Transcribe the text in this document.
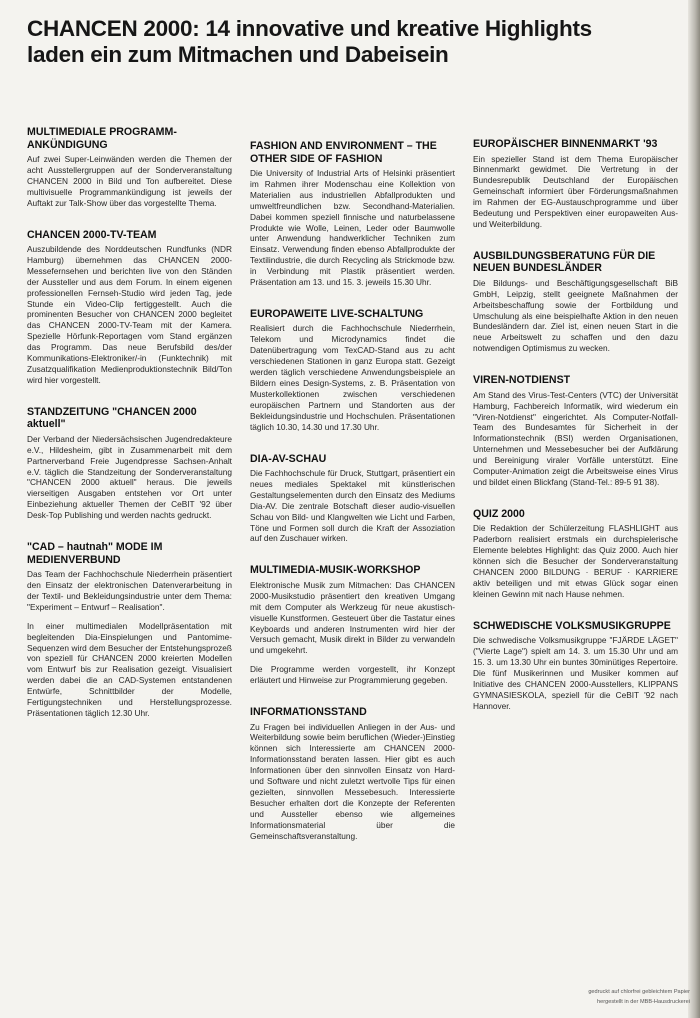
CHANCEN 2000: 14 innovative und kreative Highlights
laden ein zum Mitmachen und Dabeisein
MULTIMEDIALE PROGRAMM-ANKÜNDIGUNG

Auf zwei Super-Leinwänden werden die Themen der acht Ausstellergruppen auf der Sonderveranstaltung CHANCEN 2000 in Bild und Ton aufbereitet. Diese multivisuelle Programmankündigung ist jeweils der Auftakt zur Talk-Show über das vorgestellte Thema.

CHANCEN 2000-TV-TEAM

Auszubildende des Norddeutschen Rundfunks (NDR Hamburg) übernehmen das CHANCEN 2000-Messefernsehen und berichten live von den Ständen der Aussteller und aus dem Forum. In einem eigenen professionellen Fernseh-Studio wird jeden Tag, jede Stunde ein Video-Clip fertiggestellt. Auch die prominenten Besucher von CHANCEN 2000 begleitet das CHANCEN 2000-TV-Team mit der Kamera. Spezielle Hörfunk-Reportagen vom Stand ergänzen das Programm. Das neue Berufsbild des/der Kommunikations-Elektroniker/-in (Funktechnik) mit Zusatzqualifikation Medienproduktionstechnik Bild/Ton wird hier vorgestellt.

STANDZEITUNG "CHANCEN 2000 aktuell"

Der Verband der Niedersächsischen Jugendredakteure e.V., Hildesheim, gibt in Zusammenarbeit mit dem Partnerverband Freie Jugendpresse Sachsen-Anhalt e.V. täglich die Standzeitung der Sonderveranstaltung "CHANCEN 2000 aktuell" heraus. Die jeweils vierseitigen Ausgaben entstehen vor Ort unter Einbeziehung aktueller Themen der CeBIT '92 über Desk-Top Publishing und werden nachts gedruckt.

"CAD – hautnah" MODE IM MEDIENVERBUND

Das Team der Fachhochschule Niederrhein präsentiert den Einsatz der elektronischen Datenverarbeitung in der Textil- und Bekleidungsindustrie unter dem Thema: "Experiment – Entwurf – Realisation".

In einer multimedialen Modellpräsentation mit begleitenden Dia-Einspielungen und Pantomime-Sequenzen wird dem Besucher der Entstehungsprozeß von speziell für CHANCEN 2000 kreierten Modellen vom Entwurf bis zur Realisation gezeigt. Visualisiert werden dabei die an CAD-Systemen entstandenen Entwürfe, Schnittbilder der Modelle, Fertigungstechniken und Herstellungsprozesse. Präsentationen täglich 12.30 Uhr.

FASHION AND ENVIRONMENT – THE OTHER SIDE OF FASHION

Die University of Industrial Arts of Helsinki präsentiert im Rahmen ihrer Modenschau eine Kollektion von Materialien aus industriellen Abfallprodukten und umweltfreundlichen bzw. Secondhand-Materialien. Dabei kommen speziell finnische und naturbelassene Produkte wie Wolle, Leinen, Leder oder Baumwolle unter Anwendung handwerklicher Techniken zum Einsatz. Verwendung finden ebenso Abfallprodukte der Textilindustrie, die durch Recycling als Strickmode bzw. in Verbindung mit Plastik präsentiert werden. Präsentation am 13. und 15. 3. jeweils 15.30 Uhr.

EUROPAWEITE LIVE-SCHALTUNG

Realisiert durch die Fachhochschule Niederrhein, Telekom und Microdynamics findet die Datenübertragung vom TexCAD-Stand aus zu acht verschiedenen Stationen in ganz Europa statt. Gezeigt werden täglich verschiedene Anwendungsbeispiele an Bildern eines Design-Systems, z. B. Präsentation von Musterkollektionen zwischen verschiedenen europäischen Partnern und Standorten aus der Bekleidungsindustrie und Hochschulen. Präsentationen täglich 10.30, 14.30 und 17.30 Uhr.

DIA-AV-SCHAU

Die Fachhochschule für Druck, Stuttgart, präsentiert ein neues mediales Spektakel mit künstlerischen Gestaltungselementen durch den Einsatz des Mediums Dia-AV. Die zentrale Botschaft dieser audio-visuellen Schau von Bild- und Klangwelten wie Licht und Farben, Töne und Formen soll durch die Kraft der Assoziation auf den Zuschauer wirken.

MULTIMEDIA-MUSIK-WORKSHOP

Elektronische Musik zum Mitmachen: Das CHANCEN 2000-Musikstudio präsentiert den kreativen Umgang mit dem Computer als Werkzeug für neue akustisch-visuelle Kunstformen. Gesteuert über die Tastatur eines Keyboards und anderen Instrumenten wird hier der Versuch gemacht, Musik direkt in Bilder zu verwandeln und umgekehrt.

Die Programme werden vorgestellt, ihr Konzept erläutert und Hinweise zur Programmierung gegeben.

INFORMATIONSSTAND

Zu Fragen bei individuellen Anliegen in der Aus- und Weiterbildung sowie beim beruflichen (Wieder-)Einstieg können sich Interessierte am CHANCEN 2000-Informationsstand beraten lassen. Hier gibt es auch Informationen über den sinnvollen Einsatz von Hard- und Software und nicht zuletzt wertvolle Tips für einen gezielten, sinnvollen Messebesuch. Interessierte Besucher erhalten dort die Konzepte der Referenten und Aussteller ebenso wie allgemeines Informationsmaterial über die Gemeinschaftsveranstaltung.

EUROPÄISCHER BINNENMARKT '93

Ein spezieller Stand ist dem Thema Europäischer Binnenmarkt gewidmet. Die Vertretung in der Bundesrepublik Deutschland der Europäischen Gemeinschaft informiert über Förderungsmaßnahmen im Rahmen der EG-Austauschprogramme und über Bedeutung und Perspektiven einer europaweiten Aus- und Weiterbildung.

AUSBILDUNGSBERATUNG FÜR DIE NEUEN BUNDESLÄNDER

Die Bildungs- und Beschäftigungsgesellschaft BiB GmbH, Leipzig, stellt geeignete Maßnahmen der Arbeitsbeschaffung sowie der Fortbildung und Umschulung als eine beispielhafte Aktion in den neuen Bundesländern dar. Ziel ist, einen neuen Start in die neue Arbeitswelt zu schaffen und den dazu notwendigen Optimismus zu wecken.

VIREN-NOTDIENST

Am Stand des Virus-Test-Centers (VTC) der Universität Hamburg, Fachbereich Informatik, wird wiederum ein "Viren-Notdienst" eingerichtet. Als Computer-Notfall-Team des Bundesamtes für Sicherheit in der Informationstechnik (BSI) werden Organisationen, Unternehmen und Messebesucher bei der Aufklärung und Bereinigung viraler Vorfälle unterstützt. Eine Computer-Animation zeigt die Arbeitsweise eines Virus und bildet einen Blickfang (Stand-Tel.: 89-5 91 38).

QUIZ 2000

Die Redaktion der Schülerzeitung FLASHLIGHT aus Paderborn realisiert erstmals ein durchspielerische Elemente belebtes Highlight: das Quiz 2000. Auch hier können sich die Besucher der Sonderveranstaltung CHANCEN 2000 BILDUNG · BERUF · KARRIERE aktiv beteiligen und mit etwas Glück sogar einen kleinen Gewinn mit nach Hause nehmen.

SCHWEDISCHE VOLKSMUSIKGRUPPE

Die schwedische Volksmusikgruppe "FJÄRDE LÄGET" ("Vierte Lage") spielt am 14. 3. um 15.30 Uhr und am 15. 3. um 13.30 Uhr ein buntes 30minütiges Repertoire. Die fünf Musikerinnen und Musiker kommen auf Initiative des CHANCEN 2000-Ausstellers, KLIPPANS GYMNASIESKOLA, speziell für die CeBIT '92 nach Hannover.

gedruckt auf chlorfrei gebleichtem Papier
hergestellt in der MBB-Hausdruckerei
